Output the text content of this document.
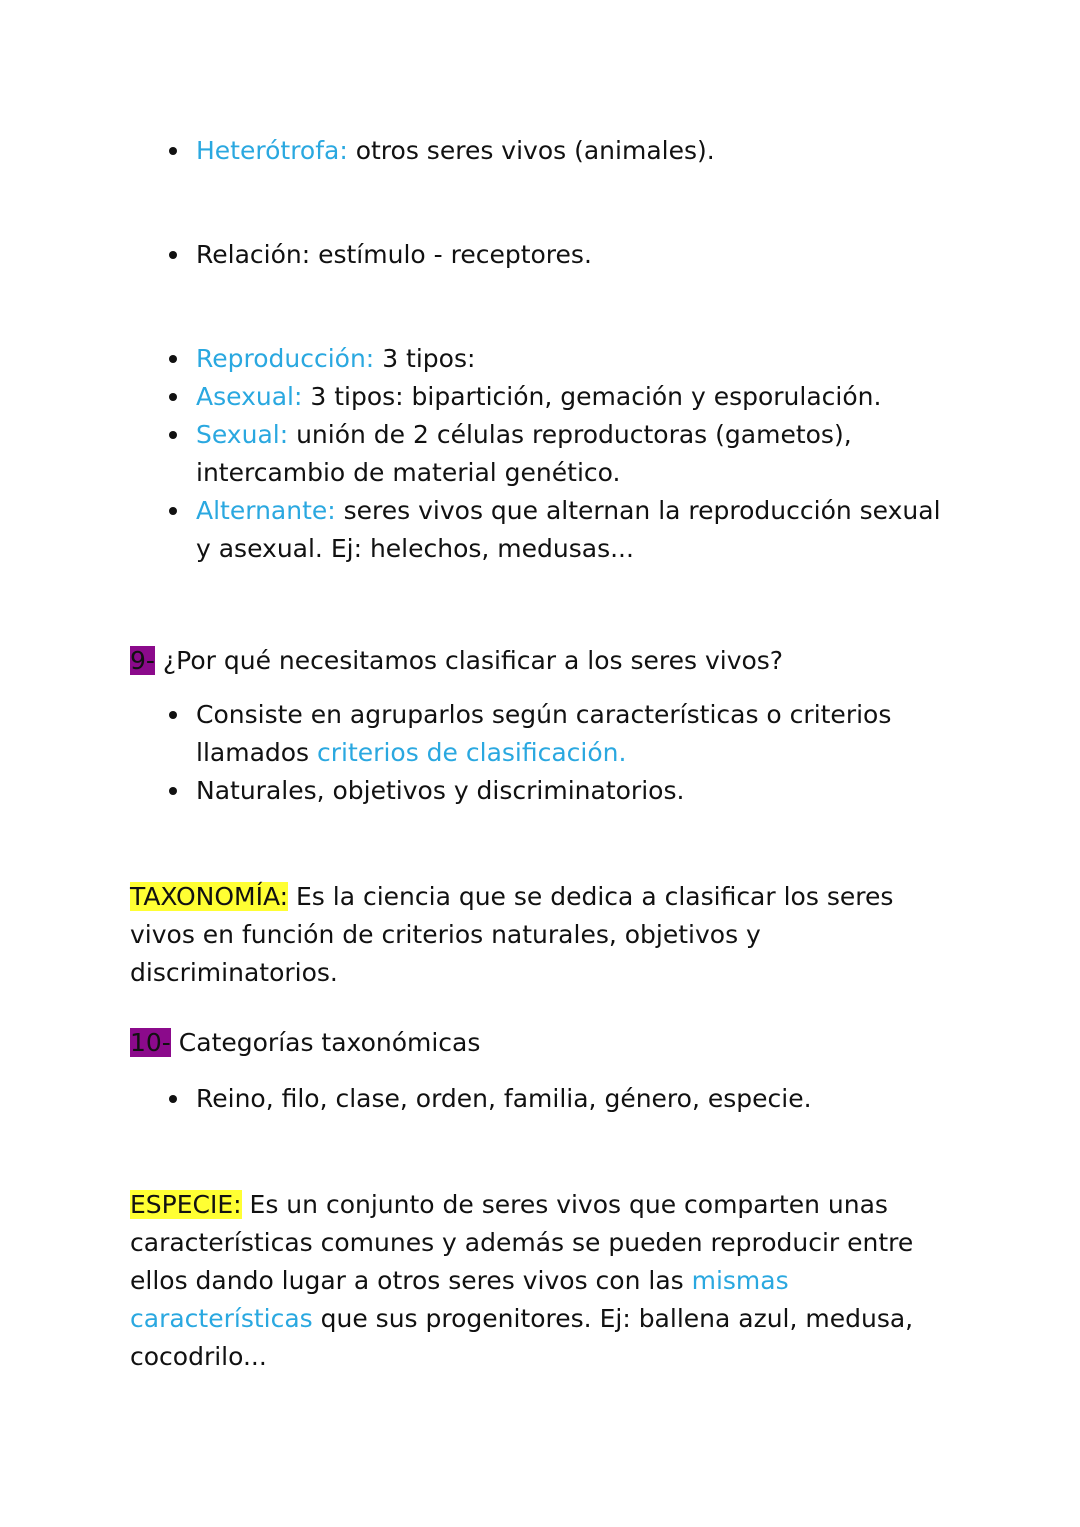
Heterótrofa: otros seres vivos (animales).
Relación: estímulo - receptores.
Reproducción: 3 tipos:
Asexual: 3 tipos: bipartición, gemación y esporulación.
Sexual: unión de 2 células reproductoras (gametos), intercambio de material genético.
Alternante: seres vivos que alternan la reproducción sexual y asexual. Ej: helechos, medusas...

9- ¿Por qué necesitamos clasificar a los seres vivos?

Consiste en agruparlos según características o criterios llamados criterios de clasificación.
Naturales, objetivos y discriminatorios.

TAXONOMÍA: Es la ciencia que se dedica a clasificar los seres vivos en función de criterios naturales, objetivos y discriminatorios.

10- Categorías taxonómicas

Reino, filo, clase, orden, familia, género, especie.

ESPECIE: Es un conjunto de seres vivos que comparten unas características comunes y además se pueden reproducir entre ellos dando lugar a otros seres vivos con las mismas características que sus progenitores. Ej: ballena azul, medusa, cocodrilo...
